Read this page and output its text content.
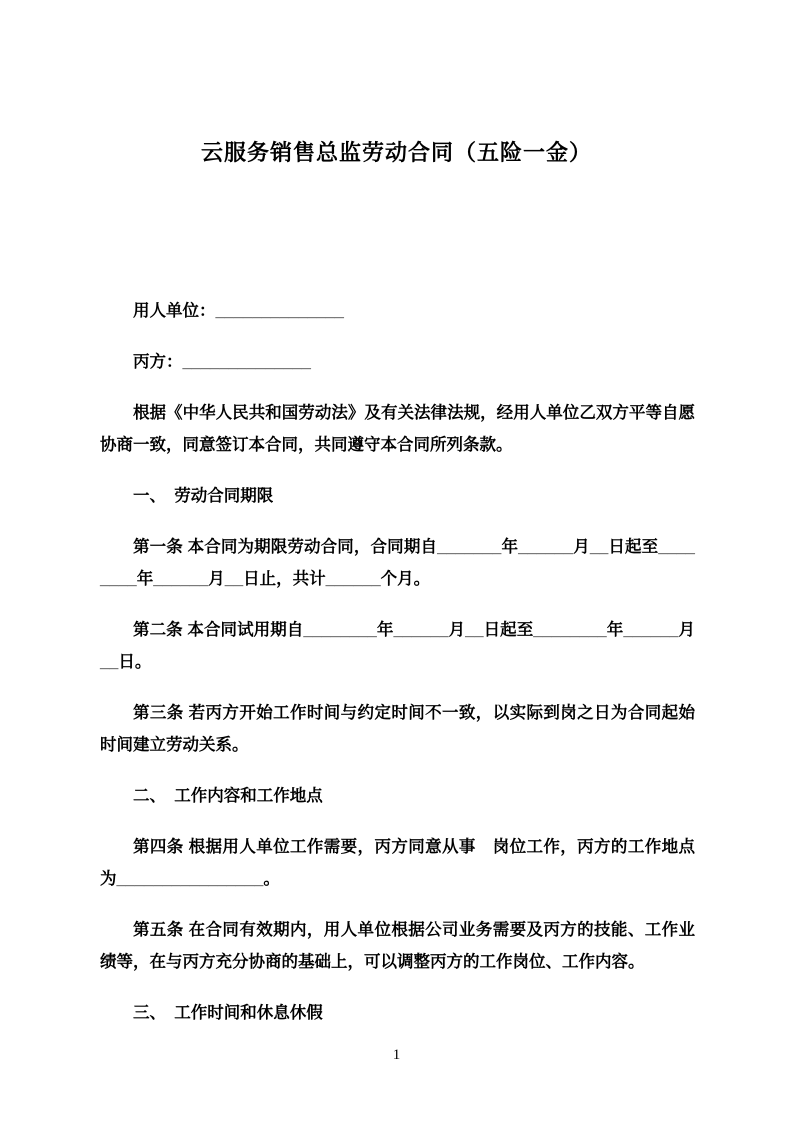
云服务销售总监劳动合同（五险一金）

用人单位：______________

丙方：______________

根据《中华人民共和国劳动法》及有关法律法规，经用人单位乙双方平等自愿协商一致，同意签订本合同，共同遵守本合同所列条款。

一、　劳动合同期限

第一条 本合同为期限劳动合同，合同期自_______年______月__日起至________年______月__日止，共计______个月。

第二条 本合同试用期自________年______月__日起至________年______月__日。

第三条 若丙方开始工作时间与约定时间不一致，以实际到岗之日为合同起始时间建立劳动关系。

二、　工作内容和工作地点

第四条 根据用人单位工作需要，丙方同意从事　岗位工作，丙方的工作地点为________________。

第五条 在合同有效期内，用人单位根据公司业务需要及丙方的技能、工作业绩等，在与丙方充分协商的基础上，可以调整丙方的工作岗位、工作内容。

三、　工作时间和休息休假

1
